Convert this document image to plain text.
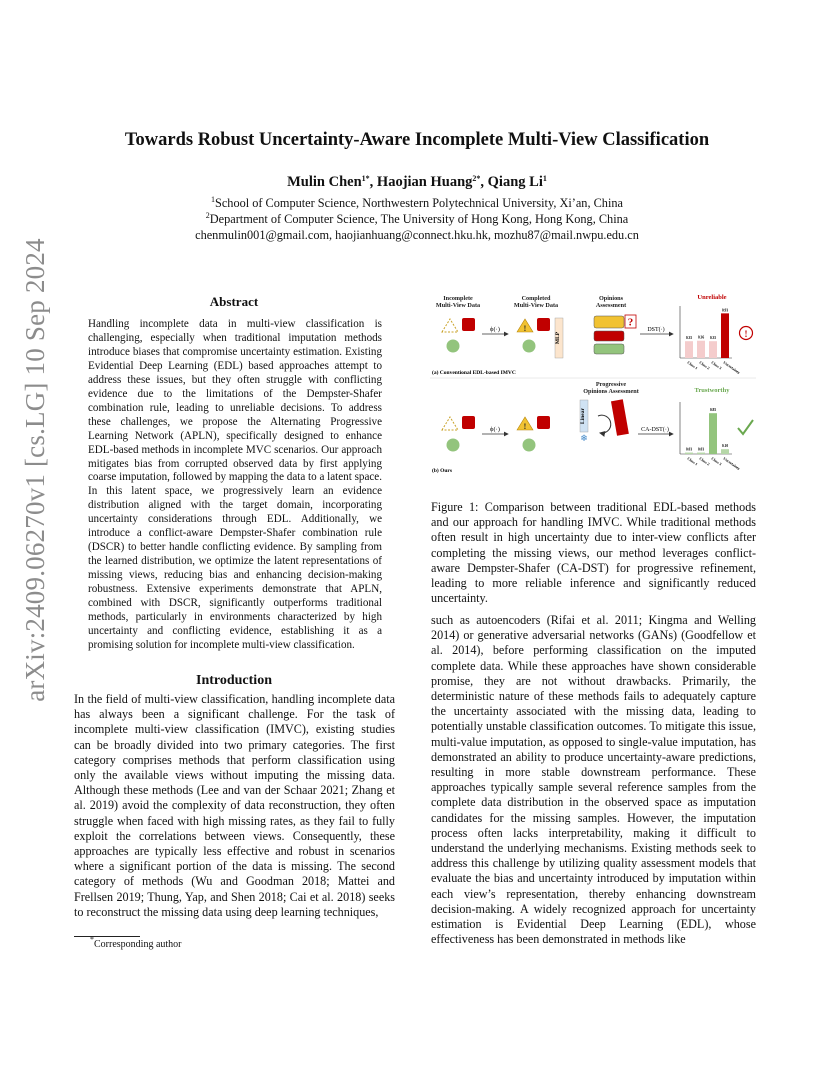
arXiv:2409.06270v1 [cs.LG] 10 Sep 2024
Towards Robust Uncertainty-Aware Incomplete Multi-View Classification
Mulin Chen$^{1*}$, Haojian Huang$^{2*}$, Qiang Li$^1$
$^1$School of Computer Science, Northwestern Polytechnical University, Xi’an, China
$^2$Department of Computer Science, The University of Hong Kong, Hong Kong, China
chenmulin001@gmail.com, haojianhuang@connect.hku.hk, mozhu87@mail.nwpu.edu.cn
Abstract
Handling incomplete data in multi-view classification is challenging, especially when traditional imputation methods introduce biases that compromise uncertainty estimation. Existing Evidential Deep Learning (EDL) based approaches attempt to address these issues, but they often struggle with conflicting evidence due to the limitations of the Dempster-Shafer combination rule, leading to unreliable decisions. To address these challenges, we propose the Alternating Progressive Learning Network (APLN), specifically designed to enhance EDL-based methods in incomplete MVC scenarios. Our approach mitigates bias from corrupted observed data by first applying coarse imputation, followed by mapping the data to a latent space. In this latent space, we progressively learn an evidence distribution aligned with the target domain, incorporating uncertainty considerations through EDL. Additionally, we introduce a conflict-aware Dempster-Shafer combination rule (DSCR) to better handle conflicting evidence. By sampling from the learned distribution, we optimize the latent representations of missing views, reducing bias and enhancing decision-making robustness. Extensive experiments demonstrate that APLN, combined with DSCR, significantly outperforms traditional methods, particularly in environments characterized by high uncertainty and conflicting evidence, establishing it as a promising solution for incomplete multi-view classification.
Introduction
In the field of multi-view classification, handling incomplete data has always been a significant challenge. For the task of incomplete multi-view classification (IMVC), existing studies can be broadly divided into two primary categories. The first category comprises methods that perform classification using only the available views without imputing the missing data. Although these methods (Lee and van der Schaar 2021; Zhang et al. 2019) avoid the complexity of data reconstruction, they often struggle when faced with high missing rates, as they fail to fully exploit the correlations between views. Consequently, these approaches are typically less effective and robust in scenarios where a significant portion of the data is missing. The second category of methods (Wu and Goodman 2018; Mattei and Frellsen 2019; Thung, Yap, and Shen 2018; Cai et al. 2018) seeks to reconstruct the missing data using deep learning techniques,
*Corresponding author
Incomplete
Multi-View Data
Completed
Multi-View Data
Opinions
Assessment
Progressive
Opinions Assessment
ϕ(·)	!
MLP
?
DST(·)
Unreliable
0.35
Class 1
0.36
Class 2
0.35
Class 3
0.93
Uncertainty
!
(a) Conventional EDL-based IMVC
ϕ(·)	!
Linear
❄
CA-DST(·)
Trustworthy
0.03
Class 1
0.03
Class 2
0.85
Class 3
0.10
Uncertainty
(b) Ours
Figure 1: Comparison between traditional EDL-based methods and our approach for handling IMVC. While traditional methods often result in high uncertainty due to inter-view conflicts after completing the missing views, our method leverages conflict-aware Dempster-Shafer (CA-DST) for progressive refinement, leading to more reliable inference and significantly reduced uncertainty.
such as autoencoders (Rifai et al. 2011; Kingma and Welling 2014) or generative adversarial networks (GANs) (Goodfellow et al. 2014), before performing classification on the imputed complete data. While these approaches have shown considerable promise, they are not without drawbacks. Primarily, the deterministic nature of these methods fails to adequately capture the uncertainty associated with the missing data, leading to potentially unstable classification outcomes. To mitigate this issue, multi-value imputation, as opposed to single-value imputation, has demonstrated an ability to produce uncertainty-aware predictions, resulting in more stable downstream performance. These approaches typically sample several reference samples from the complete data distribution in the observed space as imputation candidates for the missing samples. However, the imputation process often lacks interpretability, making it difficult to understand the underlying mechanisms. Existing methods seek to address this challenge by utilizing quality assessment models that evaluate the bias and uncertainty introduced by imputation within each view’s representation, thereby enhancing downstream decision-making. A widely recognized approach for uncertainty estimation is Evidential Deep Learning (EDL), whose effectiveness has been demonstrated in methods like
